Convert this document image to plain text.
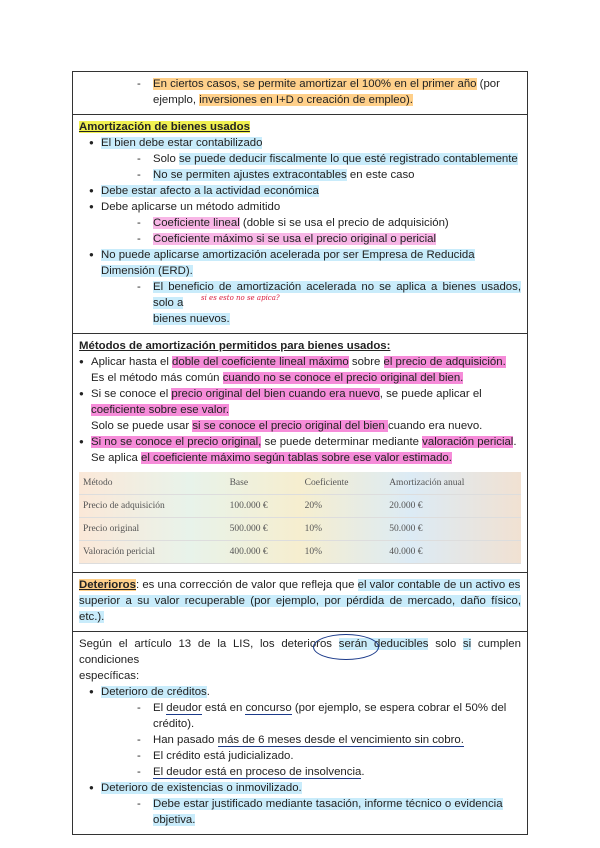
- En ciertos casos, se permite amortizar el 100% en el primer año (por
ejemplo, inversiones en I+D o creación de empleo).
Amortización de bienes usados
● El bien debe estar contabilizado
- Solo se puede deducir fiscalmente lo que esté registrado contablemente
- No se permiten ajustes extracontables en este caso
● Debe estar afecto a la actividad económica
● Debe aplicarse un método admitido
- Coeficiente lineal (doble si se usa el precio de adquisición)
- Coeficiente máximo si se usa el precio original o pericial
● No puede aplicarse amortización acelerada por ser Empresa de Reducida
Dimensión (ERD).
- El beneficio de amortización acelerada no se aplica a bienes usados, solo a
bienes nuevos.
si es esto no se apica?
Métodos de amortización permitidos para bienes usados:
● Aplicar hasta el doble del coeficiente lineal máximo sobre el precio de adquisición.
Es el método más común cuando no se conoce el precio original del bien.
● Si se conoce el precio original del bien cuando era nuevo, se puede aplicar el
coeficiente sobre ese valor.
Solo se puede usar si se conoce el precio original del bien cuando era nuevo.
● Si no se conoce el precio original, se puede determinar mediante valoración pericial.
Se aplica el coeficiente máximo según tablas sobre ese valor estimado.
Método	Base	Coeficiente	Amortización anual
Precio de adquisición	100.000 €	20%	20.000 €
Precio original	500.000 €	10%	50.000 €
Valoración pericial	400.000 €	10%	40.000 €
Deterioros: es una corrección de valor que refleja que el valor contable de un activo es
superior a su valor recuperable (por ejemplo, por pérdida de mercado, daño físico, etc.).
Según el artículo 13 de la LIS, los deterioros serán deducibles solo si cumplen condiciones
específicas:
● Deterioro de créditos.
- El deudor está en concurso (por ejemplo, se espera cobrar el 50% del
crédito).
- Han pasado más de 6 meses desde el vencimiento sin cobro.
- El crédito está judicializado.
- El deudor está en proceso de insolvencia.
● Deterioro de existencias o inmovilizado.
- Debe estar justificado mediante tasación, informe técnico o evidencia
objetiva.
